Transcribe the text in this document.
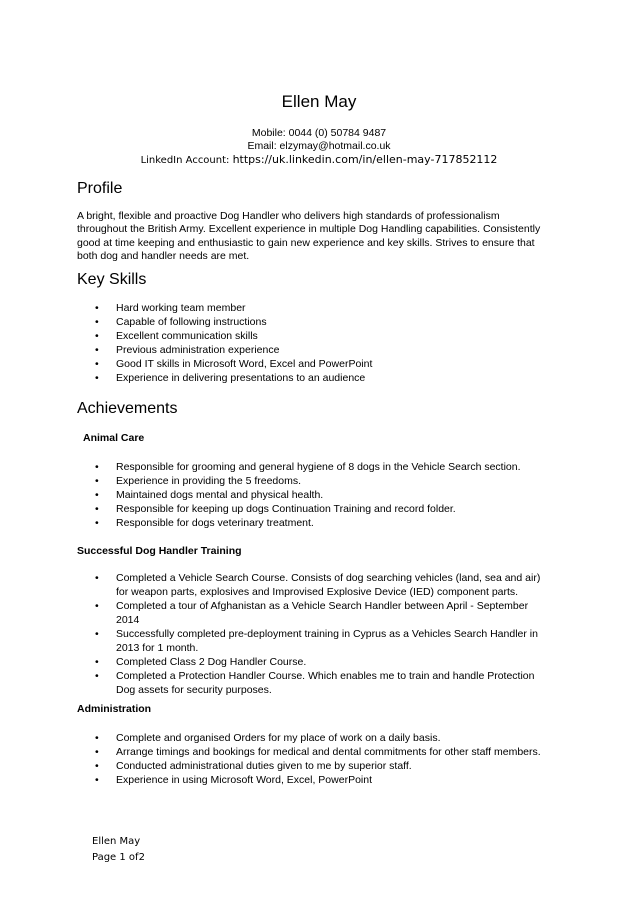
Ellen May
Mobile: 0044 (0) 50784 9487
Email: elzymay@hotmail.co.uk
LinkedIn Account: https://uk.linkedin.com/in/ellen-may-717852112
Profile
A bright, flexible and proactive Dog Handler who delivers high standards of professionalism
throughout the British Army. Excellent experience in multiple Dog Handling capabilities. Consistently
good at time keeping and enthusiastic to gain new experience and key skills. Strives to ensure that
both dog and handler needs are met.
Key Skills
• Hard working team member
• Capable of following instructions
• Excellent communication skills
• Previous administration experience
• Good IT skills in Microsoft Word, Excel and PowerPoint
• Experience in delivering presentations to an audience
Achievements
Animal Care
• Responsible for grooming and general hygiene of 8 dogs in the Vehicle Search section.
• Experience in providing the 5 freedoms.
• Maintained dogs mental and physical health.
• Responsible for keeping up dogs Continuation Training and record folder.
• Responsible for dogs veterinary treatment.
Successful Dog Handler Training
• Completed a Vehicle Search Course. Consists of dog searching vehicles (land, sea and air)
for weapon parts, explosives and Improvised Explosive Device (IED) component parts.
• Completed a tour of Afghanistan as a Vehicle Search Handler between April - September
2014
• Successfully completed pre-deployment training in Cyprus as a Vehicles Search Handler in
2013 for 1 month.
• Completed Class 2 Dog Handler Course.
• Completed a Protection Handler Course. Which enables me to train and handle Protection
Dog assets for security purposes.
Administration
• Complete and organised Orders for my place of work on a daily basis.
• Arrange timings and bookings for medical and dental commitments for other staff members.
• Conducted administrational duties given to me by superior staff.
• Experience in using Microsoft Word, Excel, PowerPoint
Ellen May
Page 1 of2
